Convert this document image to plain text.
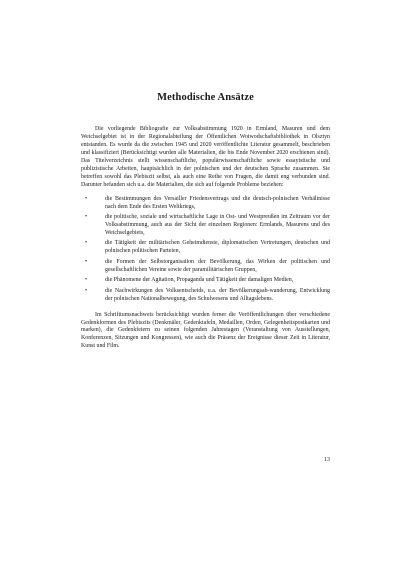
Methodische Ansätze

Die vorliegende Bibliografie zur Volksabstimmung 1920 in Ermland, Masuren und dem Weichselgebiet ist in der Regionalabteilung der Öffentlichen Woiwodschaftsbibliothek in Olsztyn entstanden. Es wurde da die zwischen 1945 und 2020 veröffentlichte Literatur gesammelt, beschrieben und klassifiziert (Berücksichtigt wurden alle Materialien, die bis Ende November 2020 erschienen sind). Das Titelverzeichnis stellt wissenschaftliche, populärwissenschaftliche sowie essayistische und publizistische Arbeiten, hauptsächlich in der polnischen und der deutschen Sprache zusammen. Sie betreffen sowohl das Plebiszit selbst, als auch eine Reihe von Fragen, die damit eng verbunden sind. Darunter befanden sich u.a. die Materialien, die sich auf folgende Probleme beziehen:

•	die Bestimmungen des Versailler Friedensvertrags und die deutsch-polnischen Verhältnisse nach dem Ende des Ersten Weltkriegs,
•	die politische, soziale und wirtschaftliche Lage in Ost- und Westpreußen im Zeitraum vor der Volksabstimmung, auch aus der Sicht der einzelnen Regionen: Ermlands, Masurens und des Weichselgebiets,
•	die Tätigkeit der militärischen Geheimdienste, diplomatischen Vertretungen, deutschen und polnischen politischen Parteien,
•	die Formen der Selbstorganisation der Bevölkerung, das Wirken der politischen und gesellschaftlichen Vereine sowie der paramilitärischen Gruppen,
•	die Phänomene der Agitation, Propaganda und Tätigkeit der damaligen Medien,
•	die Nachwirkungen des Volksentscheids, u.a. der Bevölkerungsab-wanderung, Entwicklung der polnischen Nationalbewegung, des Schulwesens und Alltagslebens.

Im Schrifttumsnachweis berücksichtigt wurden ferner die Veröffentlichungen über verschiedene Gedenkformen des Plebiszits (Denkmäler, Gedenktafeln, Medaillen, Orden, Gelegenheitspostkarten und marken), die Gedenkfeiern zu seinen folgenden Jahrestagen (Veranstaltung von Ausstellungen, Konferenzen, Sitzungen und Kongressen), wie auch die Präsenz der Ereignisse dieser Zeit in Literatur, Kunst und Film.

13
